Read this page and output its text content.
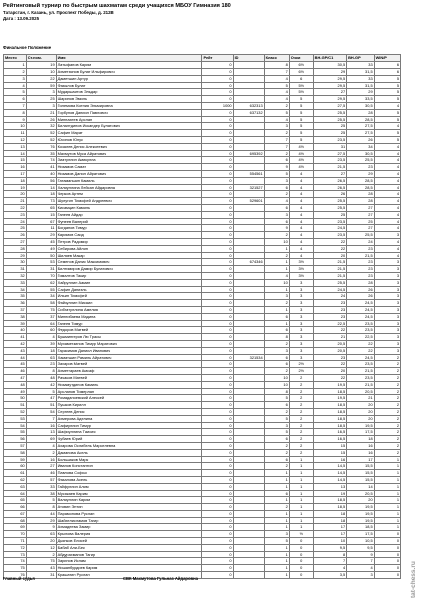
Рейтинговый турнир по быстрым шахматам среди учащихся МБОУ Гимназия 180
Татарстан, г. Казань, ул. Проспект Победы, д. 212В
Дата : 13.09.2025
Финальное Положение
Место	Ст.ном.	Имя	Рейт	ID	Класс	Очки	ВН-GP/C1	ВН-GP	WIN/P
1	19	Латыфанов Карим	0		8	6½	30,5	33	6
2	10	Ахметзянов Булат Ильфирович	0		7	6½	29	31,5	6
3	22	Даметшин Артур	0		4	6	29,5	33	5
4	59	Фазылов Булат	0		5	5½	29,5	31,5	5
5	3	Мударшаитов Эльдар	0		4	5½	27	29	5
6	25	Шарипов Эмиль	0		4	5	29,5	33,5	5
7	3	Гилемова Ксения Эльмировна	1000	632313	2	5	27,5	30,5	4
8	21	Горбунов Даниил Павлович	0	637132	5	5	25,5	28	5
9	26	Миннахеев Арслан	0		4	5	25,5	28,5	5
10	32	Билалтдинов Искандер Булатович	0		3	5	25	27,5	4
11	52	Сафин Марат	0		2	5	25	27,5	5
12	52	Юсипов Юнус	0		7	5	23,5	26	5
13	76	Козалев Денис Алексеевич	0		7	4½	31	34	4
14	35	Махмутов Муса Айратович	0	695392	2	4½	27,5	30,5	4
15	74	Зиатуллин Амикулла	0		6	4½	23,5	25,5	4
16	41	Низамов Самат	0		9	4½	21,5	23	4
17	40	Низамов Данил Айратович	0	554561	5	4	27	29	4
18	56	Гатаманшин Камиль	0		3	4	26,5	28,5	4
19	14	Халиуллина Лейсан Айдаровна	0	321527	6	4	26,5	28,5	4
20	18	Черков Артем	0		2	4	26	28	4
21	73	Шулугин Тимофей Андреевич	0	529601	4	4	25,5	28	4
22	65	Кисамцин Камиль	0		6	4	25,5	27	4
23	15	Ганеев Айдар	0		3	4	25	27	4
24	67	Фунеев Валерий	0		6	4	23,5	25	4
25	11	Богданов Тимур	0		9	4	24,5	27	4
26	29	Каримов Саид	0		2	4	23,5	25,5	3
27	45	Петров Радомир	0		10	4	22	24	4
28	49	Себирова Айлин	0		1	4	22	23	4
29	50	Шиляев Макар	0		2	4	20	21,5	4
30	53	Семенов Данис Максимович	0	674346	1	3½	21,5	23	3
31	31	Билтимиров Дамир Булатович	0		1	3½	21,5	23	3
32	70	Гималтов Такир	0		4	3½	21,5	23	3
33	62	Хайруллин Аамин	0		10	3	25,5	28	3
34	55	Сафин Даниэль	0		1	3	24,5	26	3
35	34	Ильин Тимофей	0		3	3	24	26	3
36	58	Файзуллин Мисаил	0		2	3	23	24,5	3
37	75	Сибгатуллина Амелия	0		1	3	23	24,5	3
38	37	Миннибаева Мадина	0		6	3	23	24,5	3
39	64	Ганеев Тимур	0		1	3	22,5	23,5	3
40	60	Федоров Матвей	0		6	3	22	23,5	3
41	4	Бушмингеров Лю Трасы	0		8	3	21	22,5	3
42	39	Мухаметзинов Тимур Маратович	0		2	3	20,5	22	3
43	18	Гарасимов Даниил Иванович	0		3	3	20,5	22	3
44	63	Хаматшин Рамиль Айратович	0	321534	6	3	23	24,5	2
45	23	Захаров Матвей	0		6	2½	22	23,5	2
46	8	Ахметгараев Амсаф	0		2	2½	20	21,5	2
47	48	Рачаков Матвей	0		10	2	22	23,5	2
48	42	Низамутдинов Камиль	0		10	2	19,5	21,5	2
49	5	Арсланов Тимерлан	0		8	2	18,5	20,5	2
50	47	Ромаданоевский Алексей	0		5	2	19,5	21	2
51	51	Пушков Кирилл	0		6	2	18,5	20	2
52	54	Сергеев Денис	0		2	2	18,5	20	2
53	7	Ахмерова Аделина	0		5	2	18,5	20	2
54	16	Сафиуллин Тимур	0		3	2	18,5	19,5	2
55	13	Шафиуллина Таисия	0		5	2	16,5	17,5	2
56	69	Чубаев Юрий	0		6	2	16,5	18	2
57	4	Ахарова Ослибель Марселевна	0		2	2	15	16	2
58	2	Даманова Асель	0		2	2	15	16	2
59	16	Большаков Марк	0		6	1	16	17	1
60	27	Иванов Константин	0		2	1	14,5	15,5	1
61	46	Павлова Софья	0		1	1	14,5	15,5	1
62	57	Фазалова Асель	0		1	1	14,5	15,5	1
63	33	Гайфуллин Алим	0		1	1	13	14	1
64	38	Мусякаев Карим	0		6	1	19	20,5	1
65	5	Валиуллин Карим	0		1	1	18,5	20	1
66	8	Атовин Энтин	0		2	1	18,5	19,5	1
67	44	Парамонова Руслан	0		1	1	18	19,5	1
68	29	Шайхелисламов Тагир	0		1	1	18	19,5	1
69	9	Ахмадеева Замир	0		1	1	17	18,5	1
70	63	Крылова Валерия	0		3	½	17	17,5	0
71	20	Дьянков Елисей	0		5	0	10	10,5	0
72	12	Бабаб Али-Бек	0		1	0	9,5	9,5	0
73	2	Абдурахманов Тагир	0		1	0	8	9	0
74	75	Зарипов Ислам	0		1	0	7	7	0
75	43	Нишанбурдиев Карим	0		1	0	4	4	0
76	31	Крашатин Руслан	0		1	0	3,5	3	0
Главный судья	СВК Махмутова Гульназ Айдаровна	tat-chess.ru
